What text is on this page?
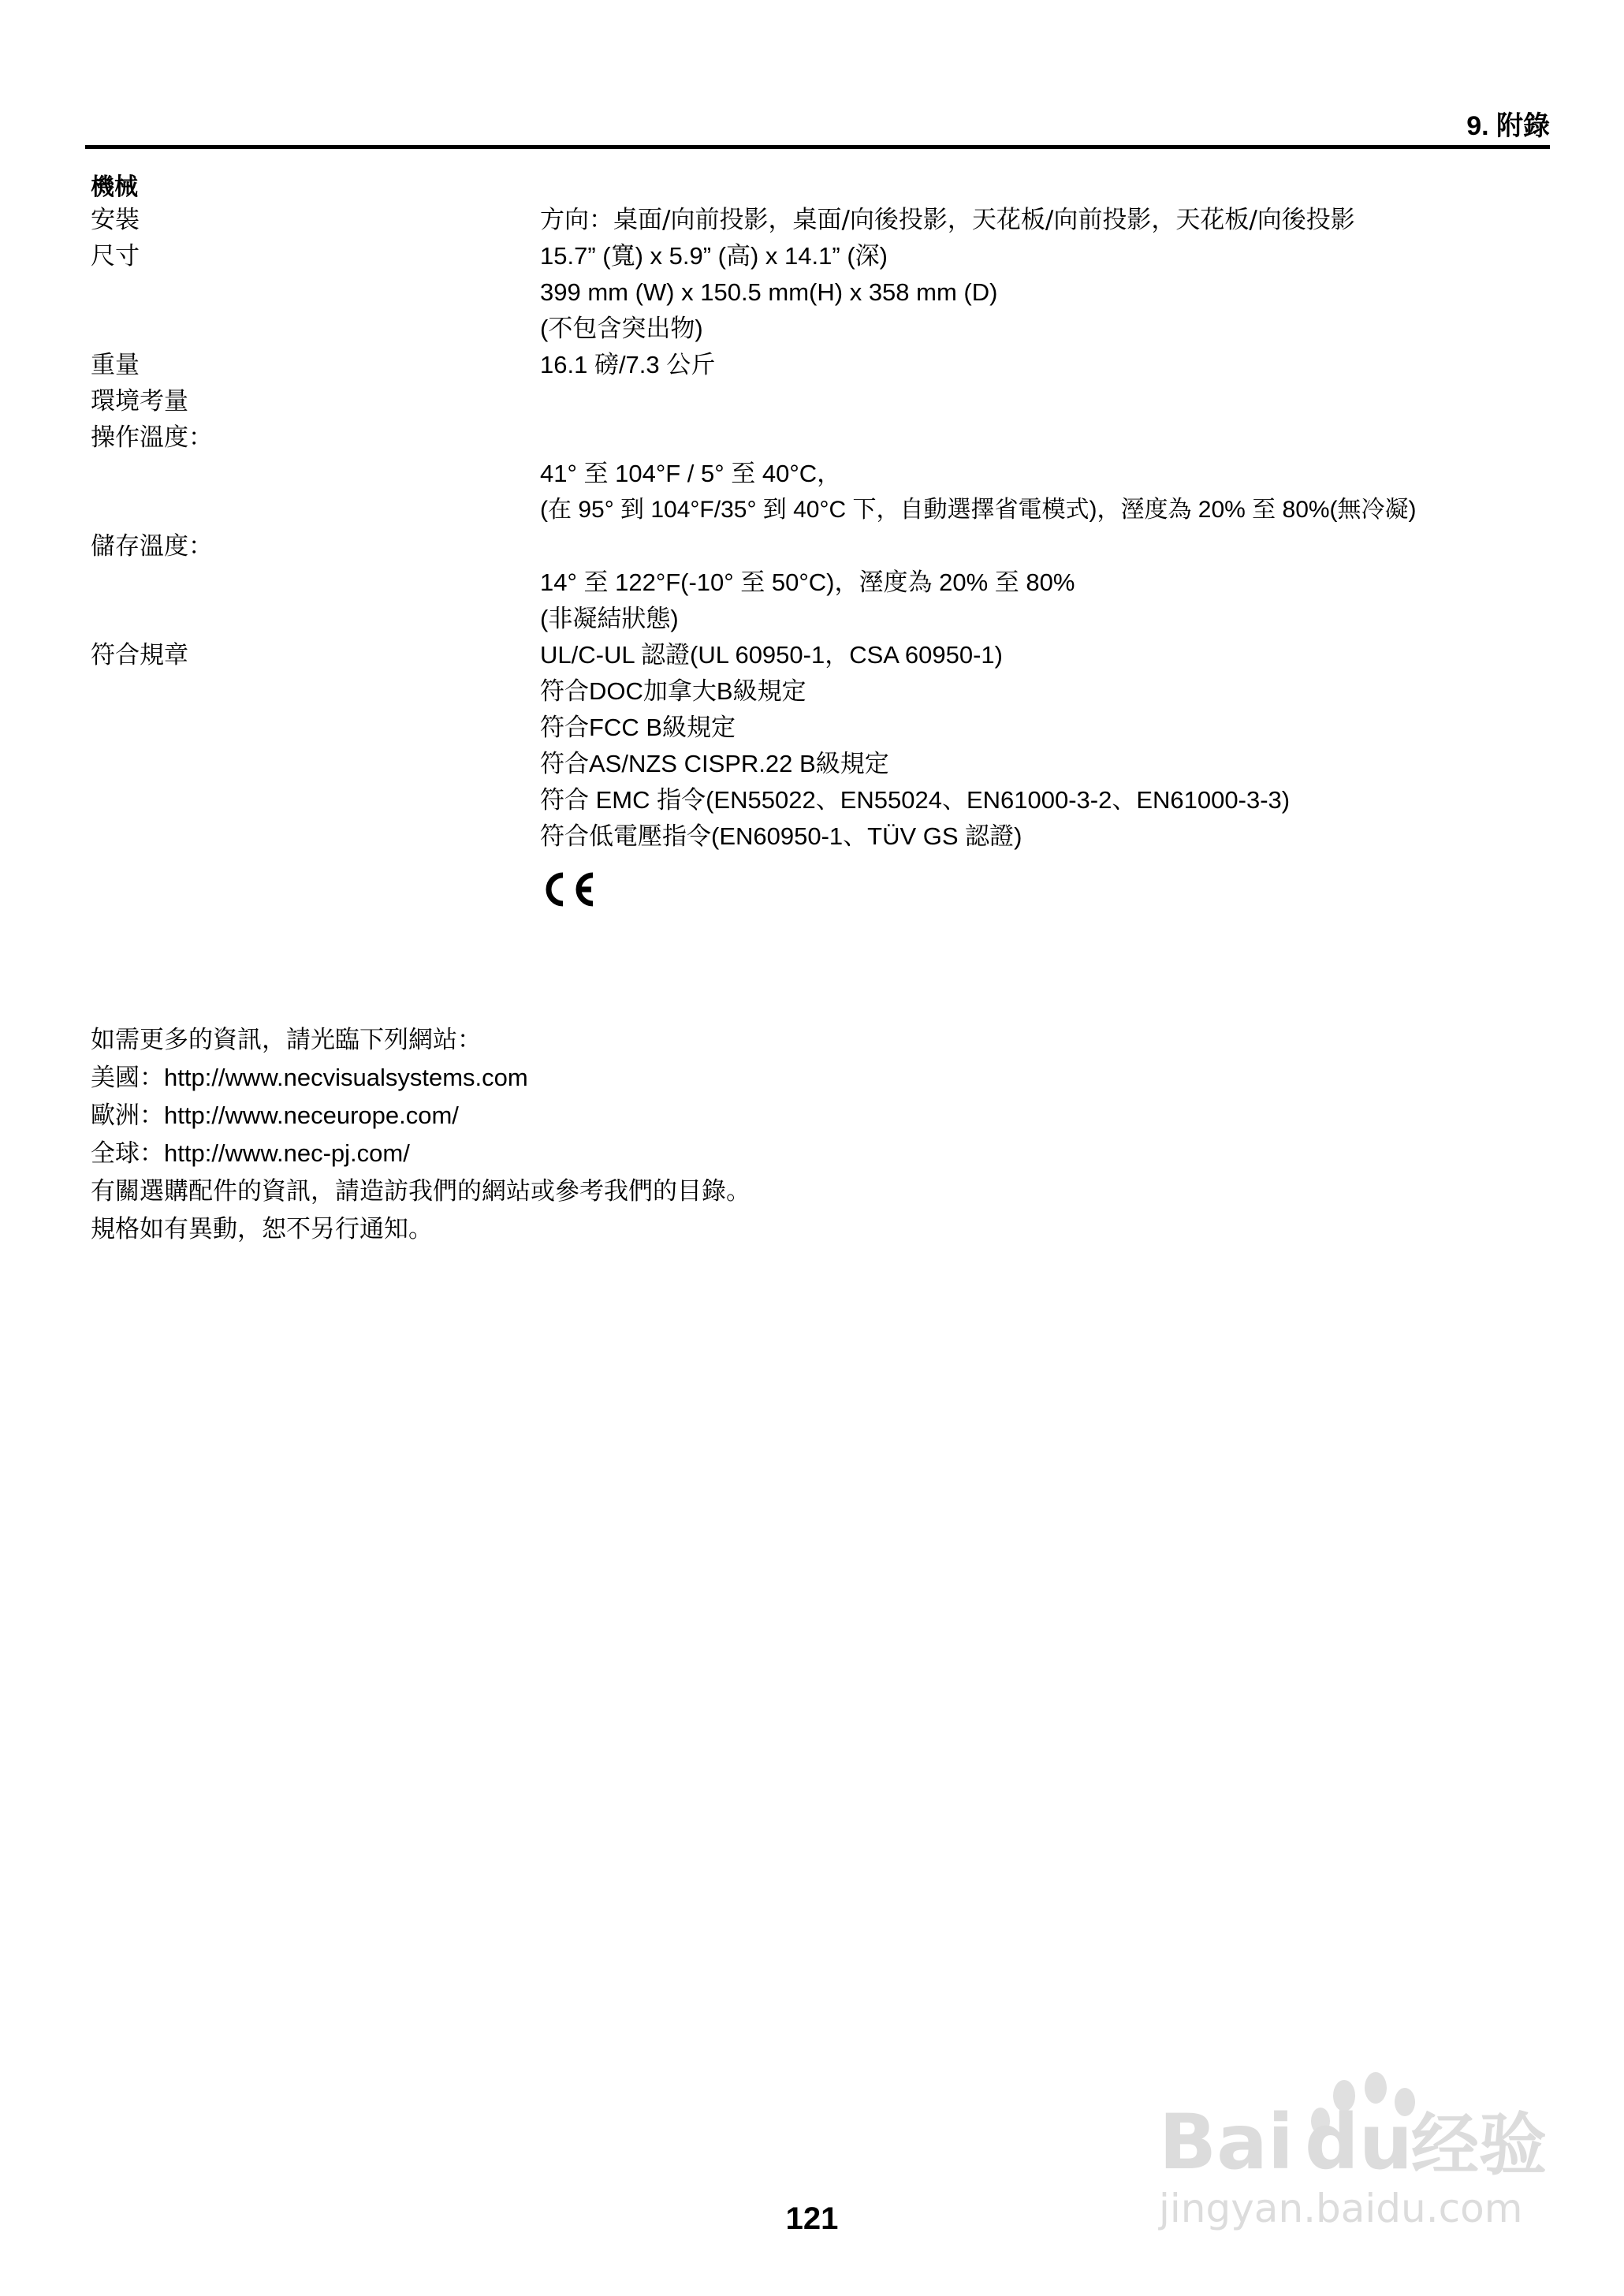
9. 附錄
機械
安裝	方向：桌面/向前投影，桌面/向後投影，天花板/向前投影，天花板/向後投影
尺寸	15.7” (寬) x 5.9” (高) x 14.1” (深)
399 mm (W) x 150.5 mm(H) x 358 mm (D)
(不包含突出物)
重量	16.1 磅/7.3 公斤
環境考量
操作溫度：
41° 至 104°F / 5° 至 40°C，
(在 95° 到 104°F/35° 到 40°C 下，自動選擇省電模式)，溼度為 20% 至 80%(無冷凝)
儲存溫度：
14° 至 122°F(-10° 至 50°C)，溼度為 20% 至 80%
(非凝結狀態)
符合規章	UL/C-UL 認證(UL 60950-1，CSA 60950-1)
符合DOC加拿大B級規定
符合FCC B級規定
符合AS/NZS CISPR.22 B級規定
符合 EMC 指令(EN55022、EN55024、EN61000-3-2、EN61000-3-3)
符合低電壓指令(EN60950-1、TÜV GS 認證)
如需更多的資訊，請光臨下列網站：
美國：http://www.necvisualsystems.com
歐洲：http://www.neceurope.com/
全球：http://www.nec-pj.com/
有關選購配件的資訊，請造訪我們的網站或參考我們的目錄。
規格如有異動，恕不另行通知。
121
Bai du
经验
jingyan.baidu.com
